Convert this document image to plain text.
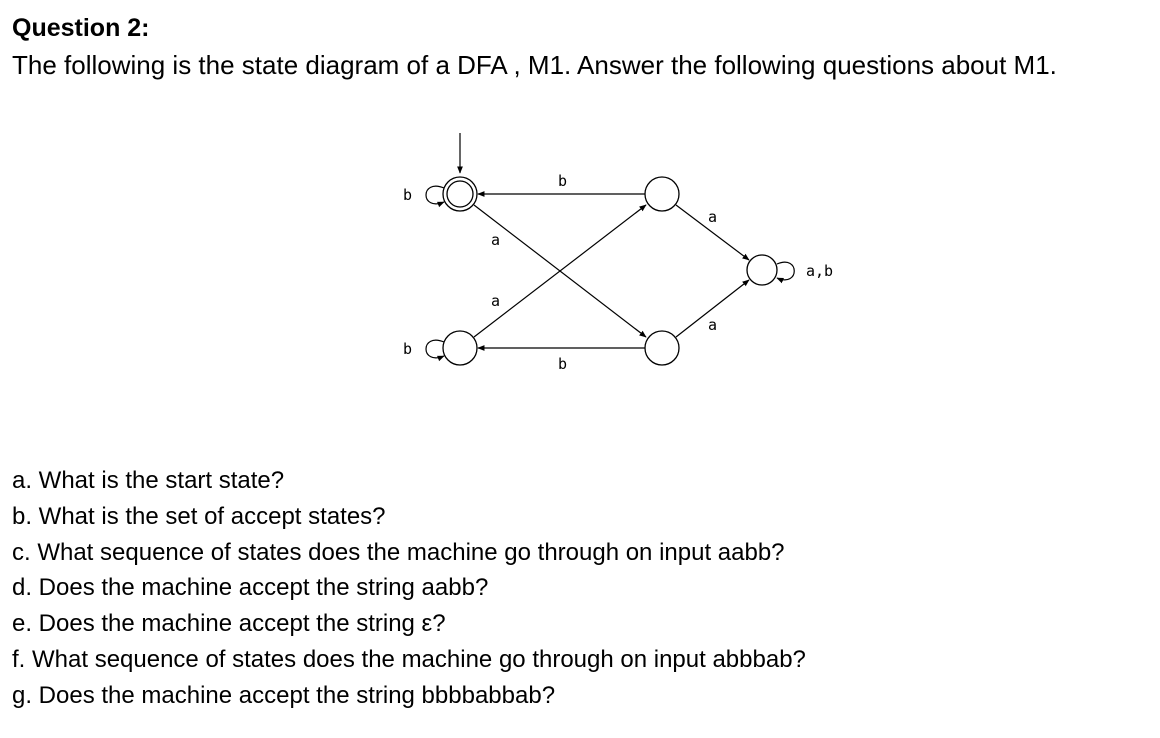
Question 2:
The following is the state diagram of a DFA , M1. Answer the following questions about M1.
b
b
b
b
a
a
a
a
a,b
a. What is the start state?
b. What is the set of accept states?
c. What sequence of states does the machine go through on input aabb?
d. Does the machine accept the string aabb?
e. Does the machine accept the string ε?
f. What sequence of states does the machine go through on input abbbab?
g. Does the machine accept the string bbbbabbab?
